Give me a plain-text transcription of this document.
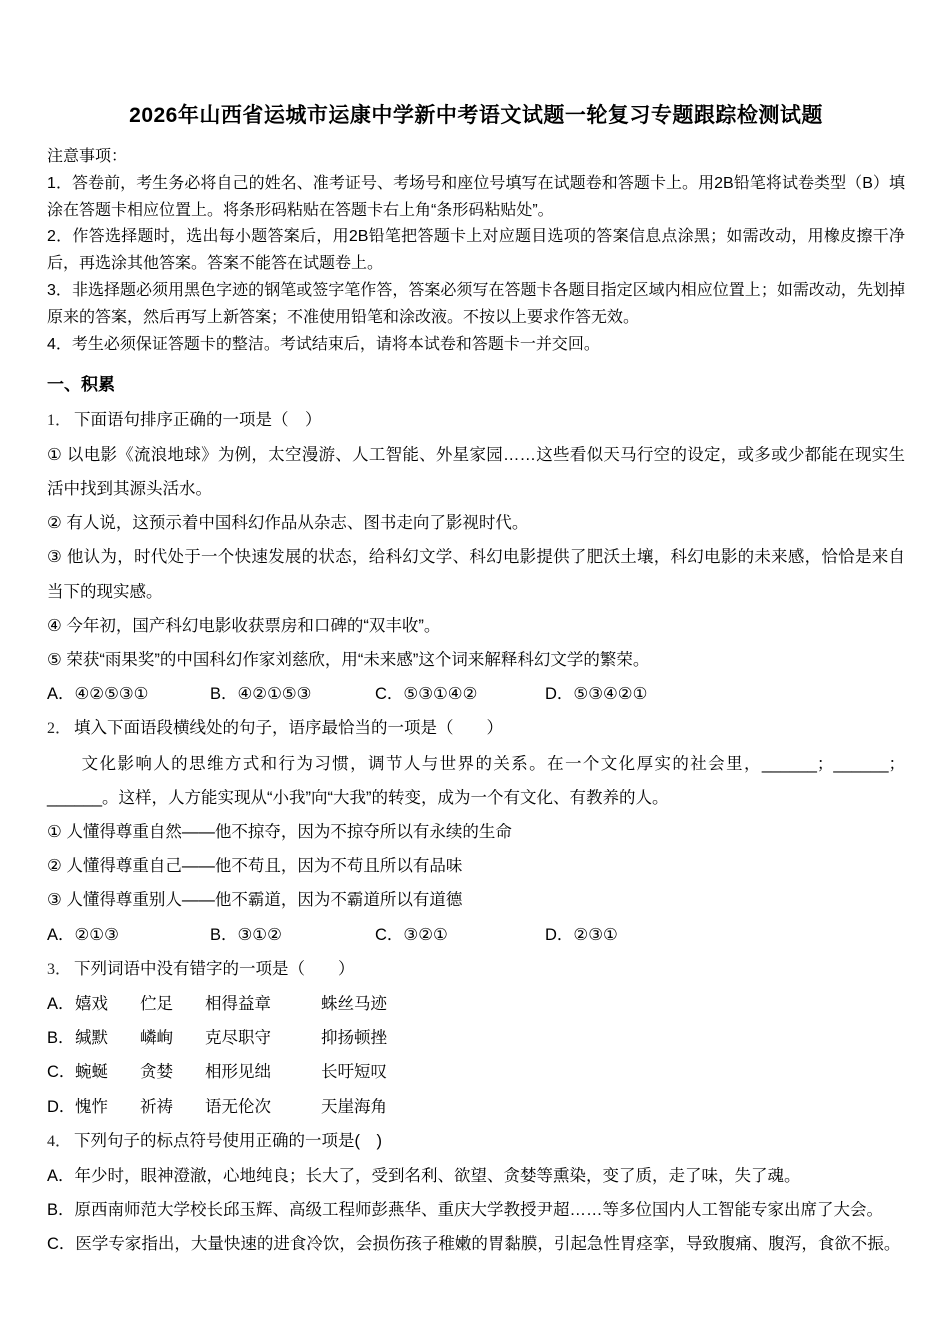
2026年山西省运城市运康中学新中考语文试题一轮复习专题跟踪检测试题

注意事项：

1．答卷前，考生务必将自己的姓名、准考证号、考场号和座位号填写在试题卷和答题卡上。用2B铅笔将试卷类型（B）填涂在答题卡相应位置上。将条形码粘贴在答题卡右上角“条形码粘贴处”。

2．作答选择题时，选出每小题答案后，用2B铅笔把答题卡上对应题目选项的答案信息点涂黑；如需改动，用橡皮擦干净后，再选涂其他答案。答案不能答在试题卷上。

3．非选择题必须用黑色字迹的钢笔或签字笔作答，答案必须写在答题卡各题目指定区域内相应位置上；如需改动，先划掉原来的答案，然后再写上新答案；不准使用铅笔和涂改液。不按以上要求作答无效。

4．考生必须保证答题卡的整洁。考试结束后，请将本试卷和答题卡一并交回。

一、积累

1． 下面语句排序正确的一项是（　）

① 以电影《流浪地球》为例，太空漫游、人工智能、外星家园……这些看似天马行空的设定，或多或少都能在现实生活中找到其源头活水。

② 有人说，这预示着中国科幻作品从杂志、图书走向了影视时代。

③ 他认为，时代处于一个快速发展的状态，给科幻文学、科幻电影提供了肥沃土壤，科幻电影的未来感，恰恰是来自当下的现实感。

④ 今年初，国产科幻电影收获票房和口碑的“双丰收”。

⑤ 荣获“雨果奖”的中国科幻作家刘慈欣，用“未来感”这个词来解释科幻文学的繁荣。

A．④②⑤③①	B．④②①⑤③	C．⑤③①④②	D．⑤③④②①

2． 填入下面语段横线处的句子，语序最恰当的一项是（　　）

文化影响人的思维方式和行为习惯，调节人与世界的关系。在一个文化厚实的社会里，______；______；______。这样，人方能实现从“小我”向“大我”的转变，成为一个有文化、有教养的人。

① 人懂得尊重自然——他不掠夺，因为不掠夺所以有永续的生命

② 人懂得尊重自己——他不苟且，因为不苟且所以有品味

③ 人懂得尊重别人——他不霸道，因为不霸道所以有道德

A．②①③	B．③①②	C．③②①	D．②③①

3． 下列词语中没有错字的一项是（　　）

A． 嬉戏	伫足	相得益章	蛛丝马迹
B． 缄默	嶙峋	克尽职守	抑扬顿挫
C． 蜿蜒	贪婪	相形见绌	长吁短叹
D． 愧怍	祈祷	语无伦次	天崖海角

4． 下列句子的标点符号使用正确的一项是(　)

A．年少时，眼神澄澈，心地纯良；长大了，受到名利、欲望、贪婪等熏染，变了质，走了味，失了魂。

B．原西南师范大学校长邱玉辉、高级工程师彭燕华、重庆大学教授尹超……等多位国内人工智能专家出席了大会。

C．医学专家指出，大量快速的进食冷饮，会损伤孩子稚嫩的胃黏膜，引起急性胃痉挛，导致腹痛、腹泻，食欲不振。
